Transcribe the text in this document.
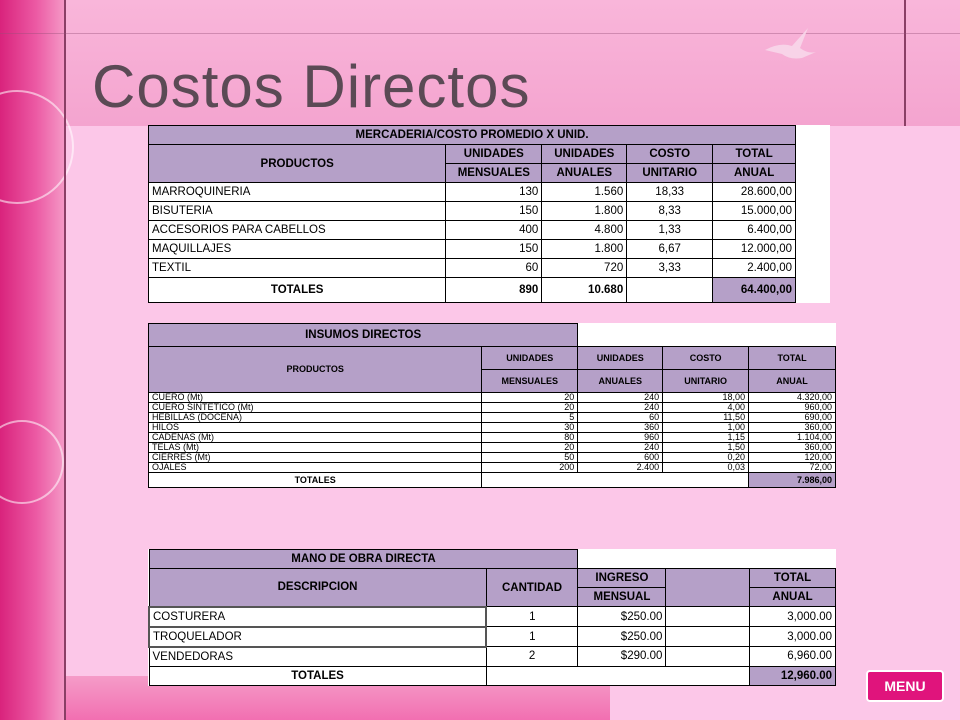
Costos Directos
MERCADERIA/COSTO PROMEDIO X UNID.					
PRODUCTOS	UNIDADES	UNIDADES	COSTO	TOTAL	
	MENSUALES	ANUALES	UNITARIO	ANUAL	
MARROQUINERIA	130	1.560	18,33	28.600,00	
BISUTERIA	150	1.800	8,33	15.000,00	
ACCESORIOS PARA CABELLOS	400	4.800	1,33	6.400,00	
MAQUILLAJES	150	1.800	6,67	12.000,00	
TEXTIL	60	720	3,33	2.400,00	
TOTALES	890	10.680		64.400,00	
INSUMOS DIRECTOS				
PRODUCTOS	UNIDADES	UNIDADES	COSTO	TOTAL
	MENSUALES	ANUALES	UNITARIO	ANUAL
CUERO (Mt)	20	240	18,00	4.320,00
CUERO SINTETICO (Mt)	20	240	4,00	960,00
HEBILLAS (DOCENA)	5	60	11,50	690,00
HILOS	30	360	1,00	360,00
CADENAS (Mt)	80	960	1,15	1.104,00
TELAS (Mt)	20	240	1,50	360,00
CIERRES (Mt)	50	600	0,20	120,00
OJALES	200	2.400	0,03	72,00
TOTALES				7.986,00
MANO DE OBRA DIRECTA				
DESCRIPCION	CANTIDAD	INGRESO		TOTAL
		MENSUAL		ANUAL
COSTURERA	1	$250.00		3,000.00
TROQUELADOR	1	$250.00		3,000.00
VENDEDORAS	2	$290.00		6,960.00
TOTALES				12,960.00
MENU
